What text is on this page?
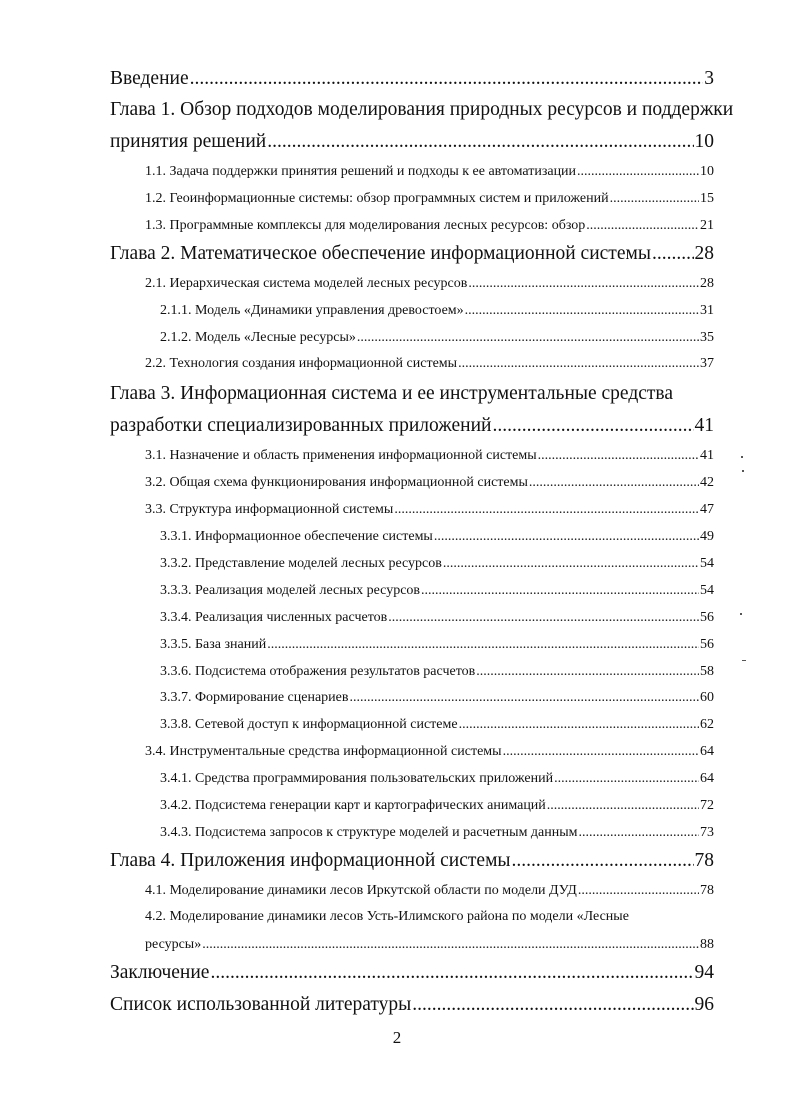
Введение .....	3
Глава 1. Обзор подходов моделирования природных ресурсов и поддержки
принятия решений .....	10
1.1. Задача поддержки принятия решений и подходы к ее автоматизации .....	10
1.2. Геоинформационные системы: обзор программных систем и приложений .....	15
1.3. Программные комплексы для моделирования лесных ресурсов: обзор .....	21
Глава 2. Математическое обеспечение информационной системы ..... 28
2.1. Иерархическая система моделей лесных ресурсов .....	28
2.1.1. Модель «Динамики управления древостоем» .....	31
2.1.2. Модель «Лесные ресурсы» .....	35
2.2. Технология создания информационной системы .....	37
Глава 3. Информационная система и ее инструментальные средства
разработки специализированных приложений .....	41
3.1. Назначение и область применения информационной системы .....	41
3.2. Общая схема функционирования информационной системы .....	42
3.3. Структура информационной системы .....	47
3.3.1. Информационное обеспечение системы .....	49
3.3.2. Представление моделей лесных ресурсов .....	54
3.3.3. Реализация моделей лесных ресурсов .....	54
3.3.4. Реализация численных расчетов .....	56
3.3.5. База знаний .....	56
3.3.6. Подсистема отображения результатов расчетов .....	58
3.3.7. Формирование сценариев .....	60
3.3.8. Сетевой доступ к информационной системе .....	62
3.4. Инструментальные средства информационной системы .....	64
3.4.1. Средства программирования пользовательских приложений .....	64
3.4.2. Подсистема генерации карт и картографических анимаций .....	72
3.4.3. Подсистема запросов к структуре моделей и расчетным данным .....	73
Глава 4. Приложения информационной системы .....	78
4.1. Моделирование динамики лесов Иркутской области по модели ДУД .....	78
4.2. Моделирование динамики лесов Усть-Илимского района по модели «Лесные
ресурсы» .....	88
Заключение .....	94
Список использованной литературы .....	96
2
